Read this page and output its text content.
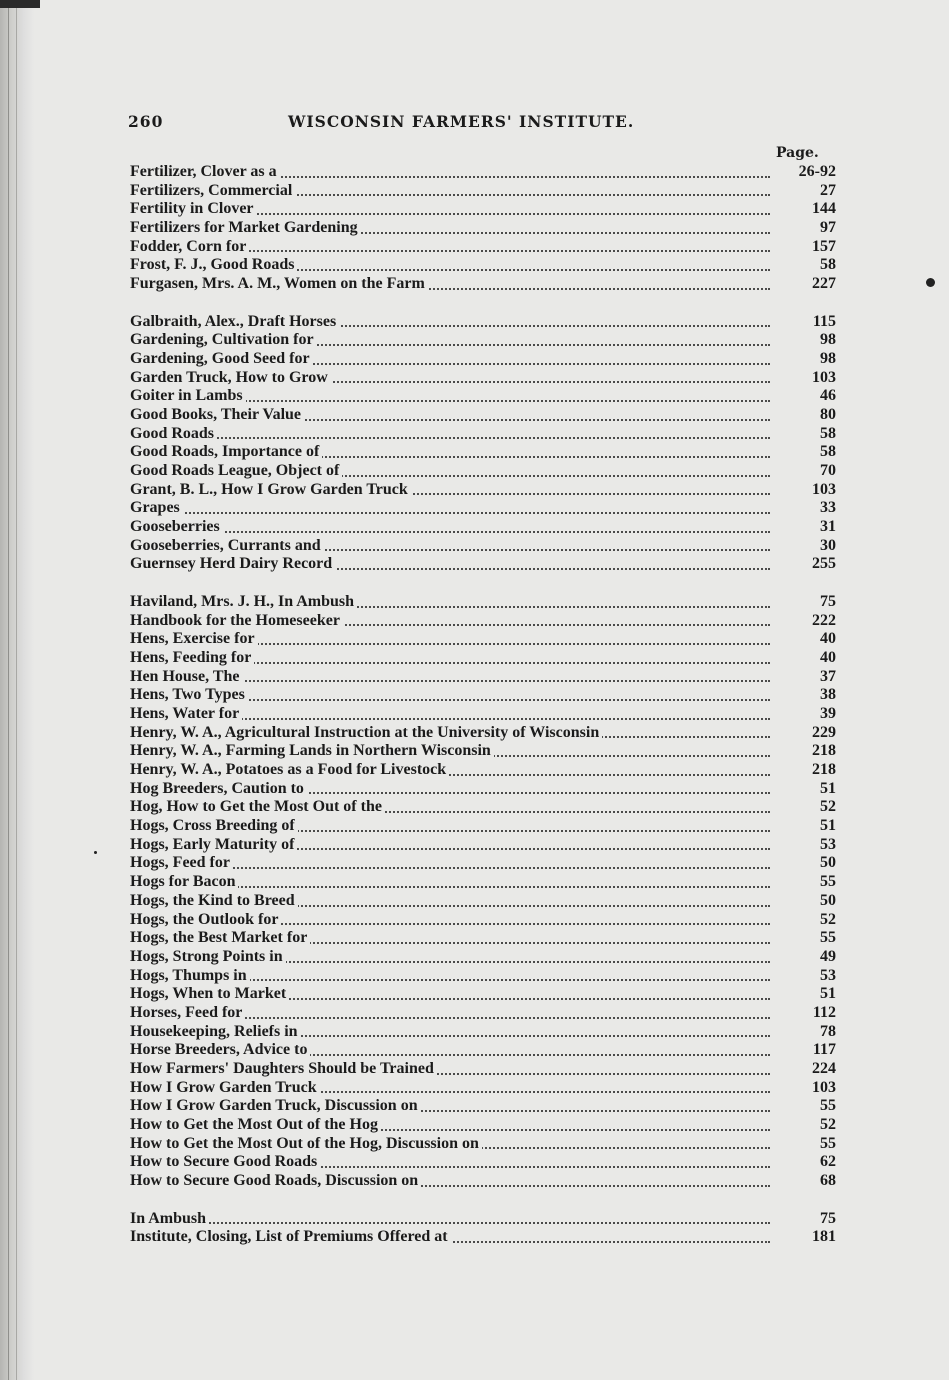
260	WISCONSIN FARMERS' INSTITUTE.
Page.
Fertilizer, Clover as a	26-92
Fertilizers, Commercial	27
Fertility in Clover	144
Fertilizers for Market Gardening	97
Fodder, Corn for	157
Frost, F. J., Good Roads	58
Furgasen, Mrs. A. M., Women on the Farm	227
Galbraith, Alex., Draft Horses	115
Gardening, Cultivation for	98
Gardening, Good Seed for	98
Garden Truck, How to Grow	103
Goiter in Lambs	46
Good Books, Their Value	80
Good Roads	58
Good Roads, Importance of	58
Good Roads League, Object of	70
Grant, B. L., How I Grow Garden Truck	103
Grapes	33
Gooseberries	31
Gooseberries, Currants and	30
Guernsey Herd Dairy Record	255
Haviland, Mrs. J. H., In Ambush	75
Handbook for the Homeseeker	222
Hens, Exercise for	40
Hens, Feeding for	40
Hen House, The	37
Hens, Two Types	38
Hens, Water for	39
Henry, W. A., Agricultural Instruction at the University of Wisconsin	229
Henry, W. A., Farming Lands in Northern Wisconsin	218
Henry, W. A., Potatoes as a Food for Livestock	218
Hog Breeders, Caution to	51
Hog, How to Get the Most Out of the	52
Hogs, Cross Breeding of	51
Hogs, Early Maturity of	53
Hogs, Feed for	50
Hogs for Bacon	55
Hogs, the Kind to Breed	50
Hogs, the Outlook for	52
Hogs, the Best Market for	55
Hogs, Strong Points in	49
Hogs, Thumps in	53
Hogs, When to Market	51
Horses, Feed for	112
Housekeeping, Reliefs in	78
Horse Breeders, Advice to	117
How Farmers' Daughters Should be Trained	224
How I Grow Garden Truck	103
How I Grow Garden Truck, Discussion on	55
How to Get the Most Out of the Hog	52
How to Get the Most Out of the Hog, Discussion on	55
How to Secure Good Roads	62
How to Secure Good Roads, Discussion on	68
In Ambush	75
Institute, Closing, List of Premiums Offered at	181
